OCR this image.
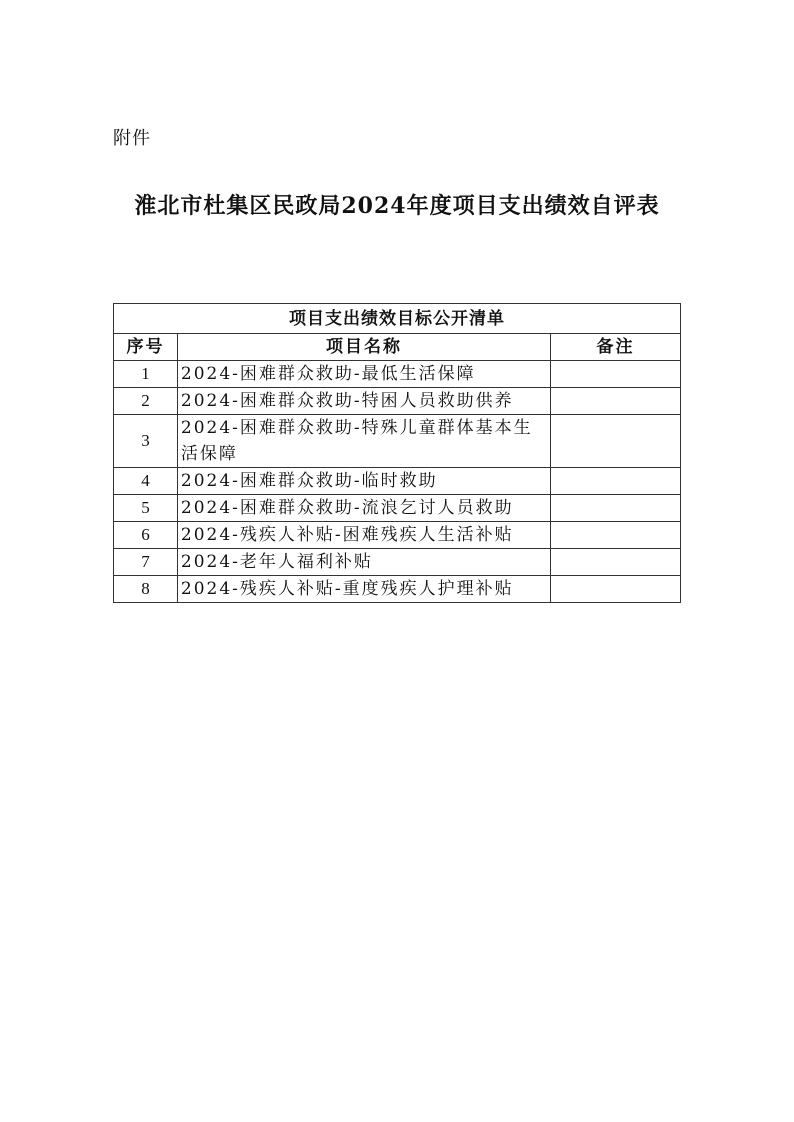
附件
淮北市杜集区民政局2024年度项目支出绩效自评表
项目支出绩效目标公开清单		
序号	项目名称	备注
1	2024-困难群众救助-最低生活保障	
2	2024-困难群众救助-特困人员救助供养	
3	2024-困难群众救助-特殊儿童群体基本生活保障	
4	2024-困难群众救助-临时救助	
5	2024-困难群众救助-流浪乞讨人员救助	
6	2024-残疾人补贴-困难残疾人生活补贴	
7	2024-老年人福利补贴	
8	2024-残疾人补贴-重度残疾人护理补贴	
